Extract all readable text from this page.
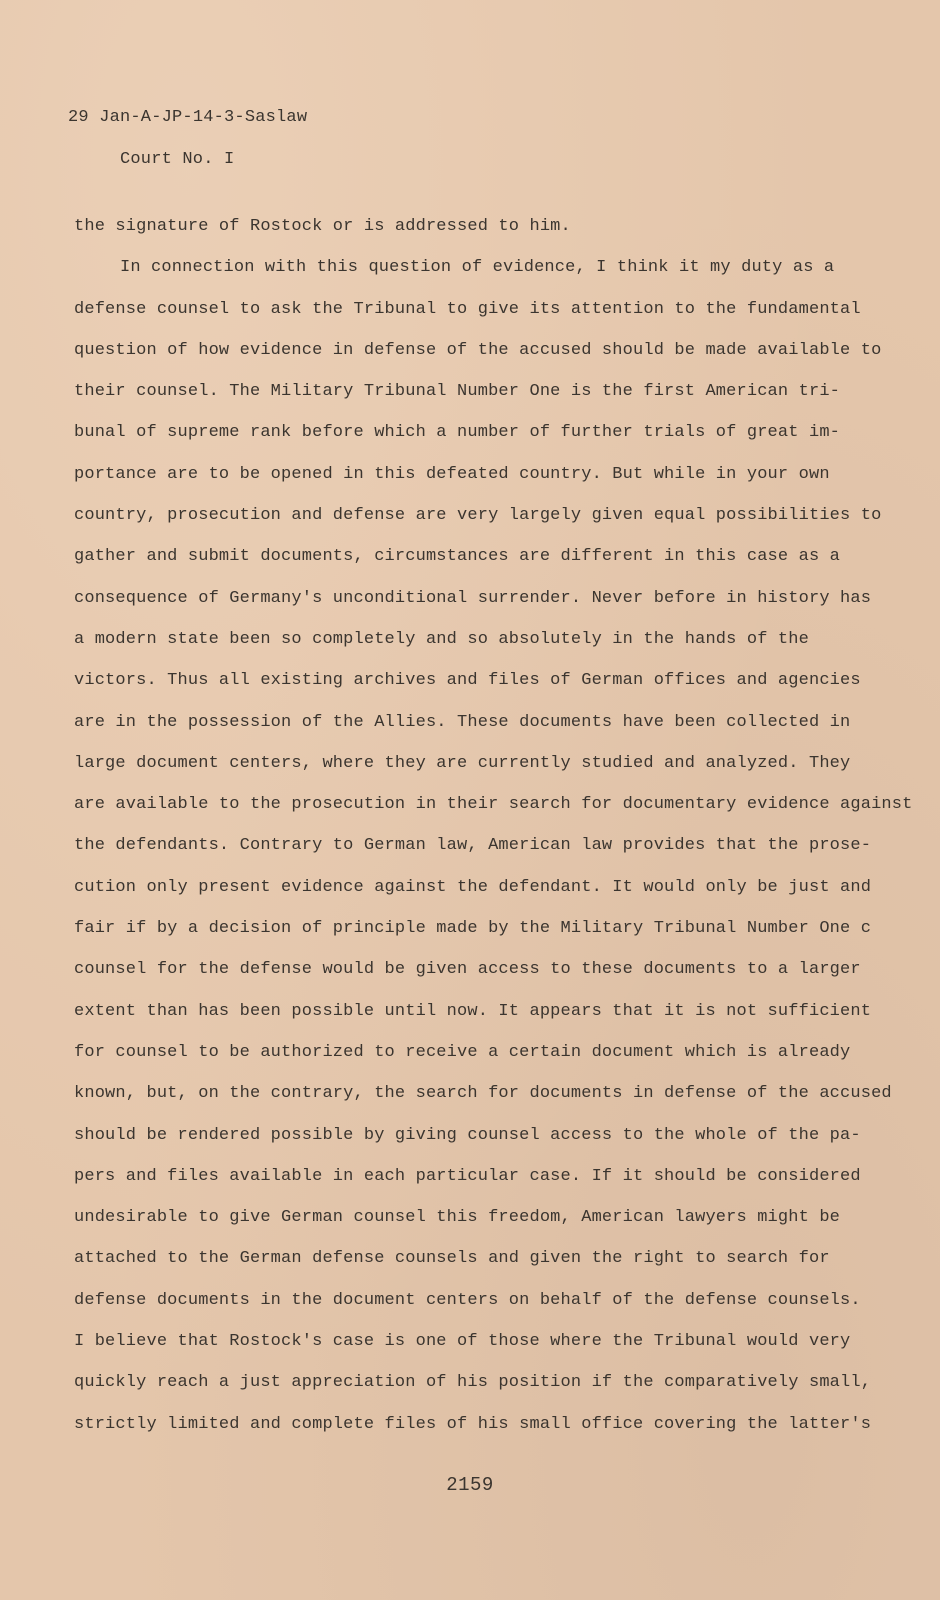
29 Jan-A-JP-14-3-Saslaw
Court No. I
the signature of Rostock or is addressed to him.
In connection with this question of evidence, I think it my duty as a
defense counsel to ask the Tribunal to give its attention to the fundamental
question of how evidence in defense of the accused should be made available to
their counsel. The Military Tribunal Number One is the first American tri-
bunal of supreme rank before which a number of further trials of great im-
portance are to be opened in this defeated country. But while in your own
country, prosecution and defense are very largely given equal possibilities to
gather and submit documents, circumstances are different in this case as a
consequence of Germany's unconditional surrender. Never before in history has
a modern state been so completely and so absolutely in the hands of the
victors. Thus all existing archives and files of German offices and agencies
are in the possession of the Allies. These documents have been collected in
large document centers, where they are currently studied and analyzed. They
are available to the prosecution in their search for documentary evidence against
the defendants. Contrary to German law, American law provides that the prose-
cution only present evidence against the defendant. It would only be just and
fair if by a decision of principle made by the Military Tribunal Number One c
counsel for the defense would be given access to these documents to a larger
extent than has been possible until now. It appears that it is not sufficient
for counsel to be authorized to receive a certain document which is already
known, but, on the contrary, the search for documents in defense of the accused
should be rendered possible by giving counsel access to the whole of the pa-
pers and files available in each particular case. If it should be considered
undesirable to give German counsel this freedom, American lawyers might be
attached to the German defense counsels and given the right to search for
defense documents in the document centers on behalf of the defense counsels.
I believe that Rostock's case is one of those where the Tribunal would very
quickly reach a just appreciation of his position if the comparatively small,
strictly limited and complete files of his small office covering the latter's
2159
